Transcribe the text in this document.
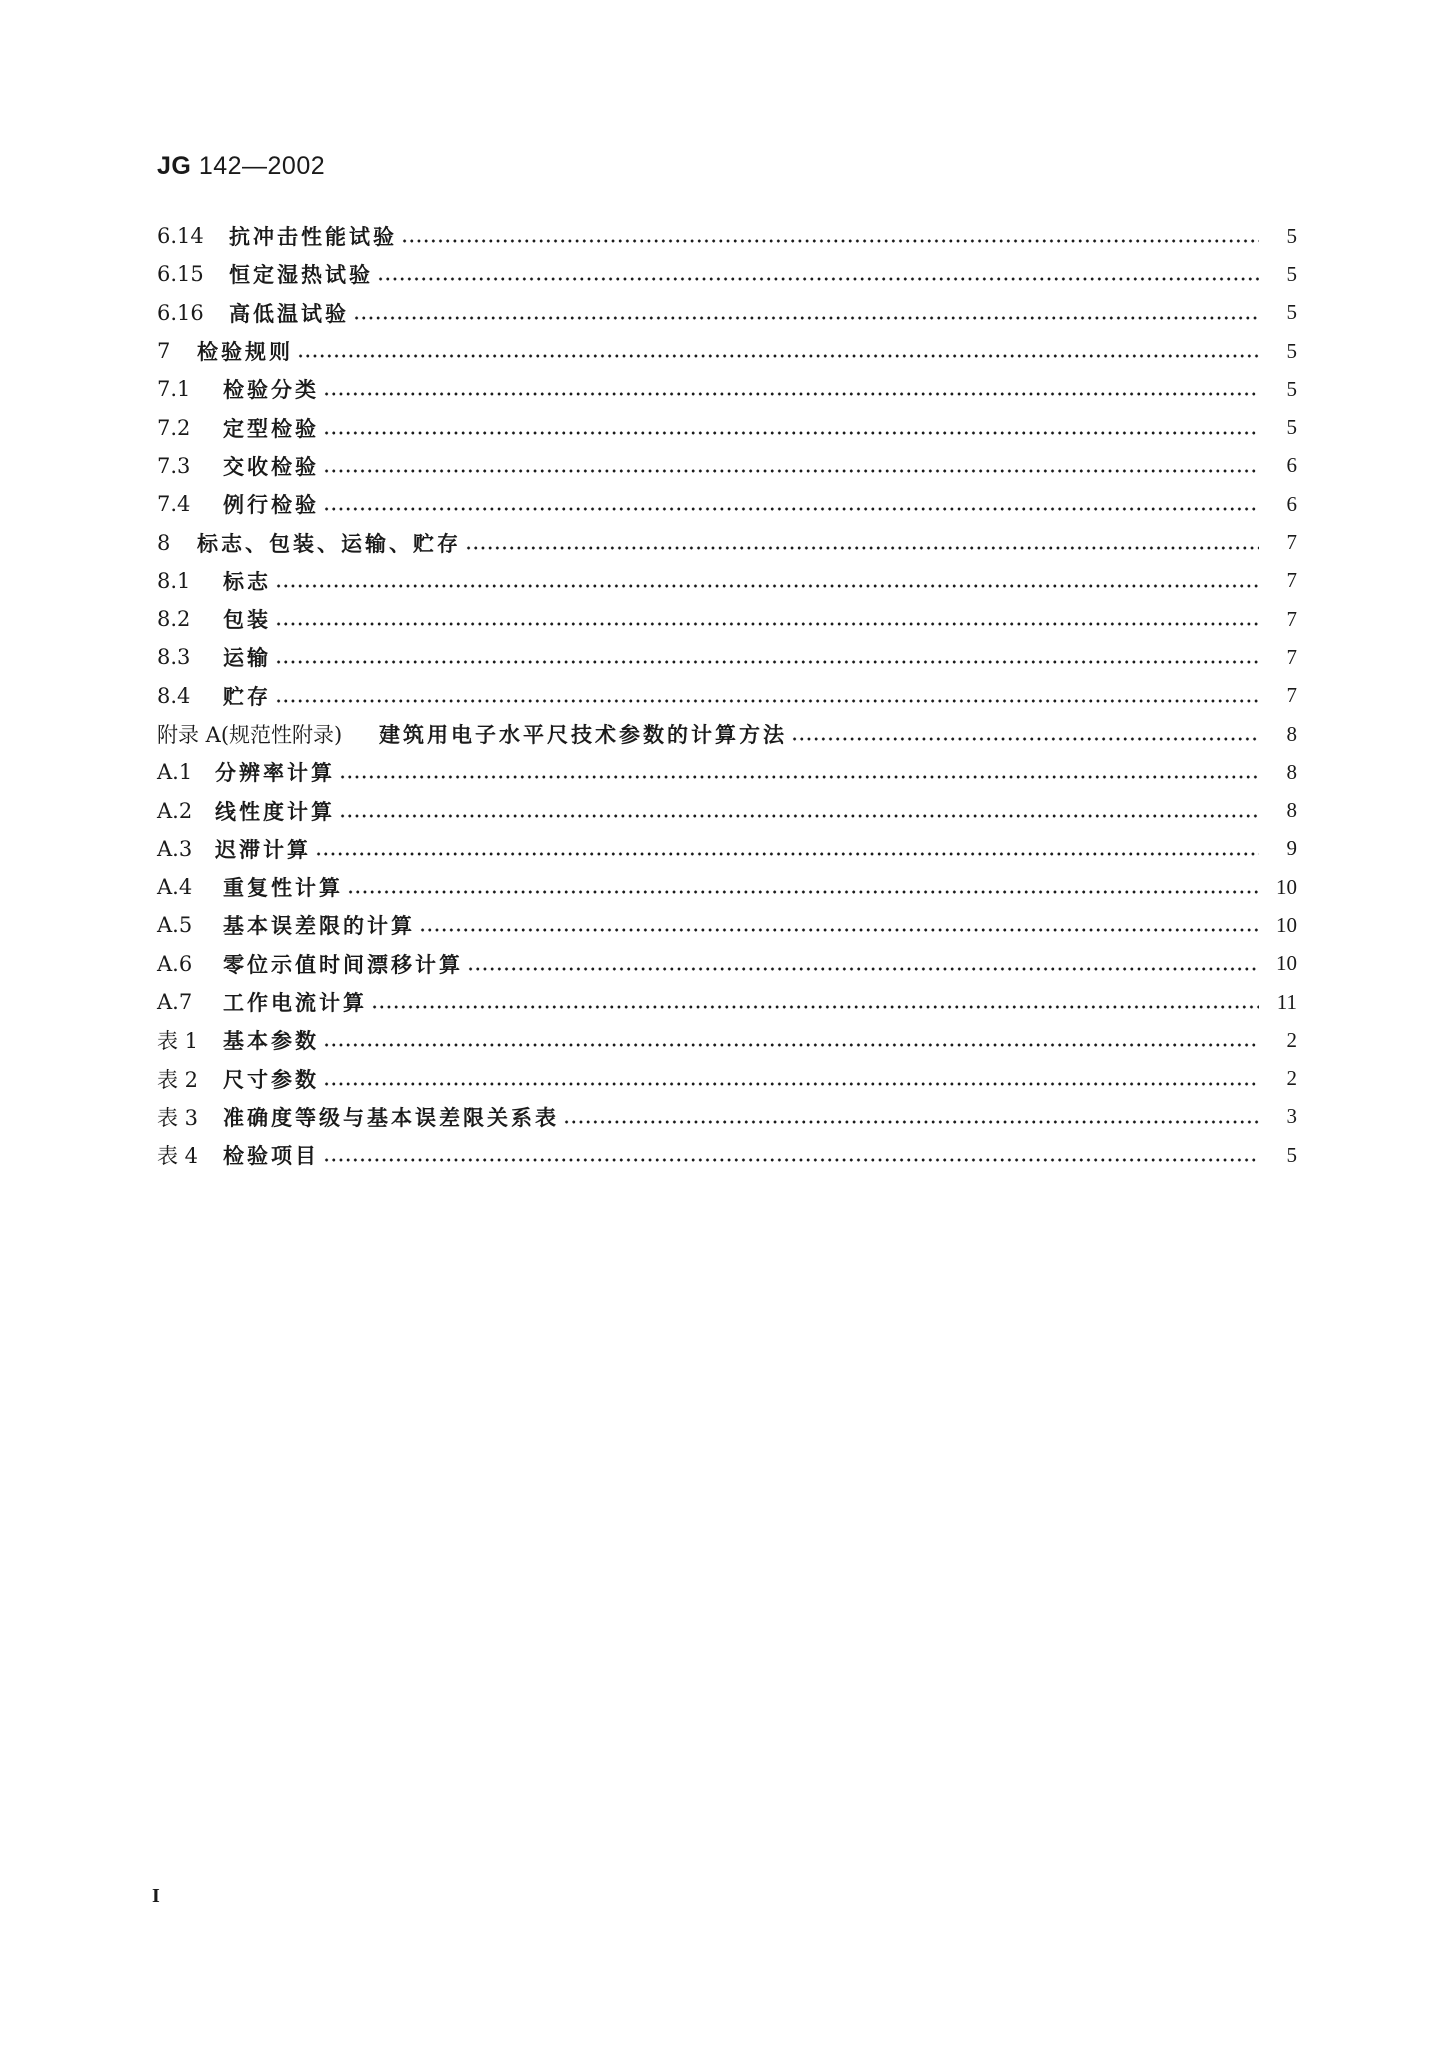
JG 142—2002
6.14	抗冲击性能试验	5
6.15	恒定湿热试验	5
6.16	高低温试验	5
7	检验规则	5
7.1	检验分类	5
7.2	定型检验	5
7.3	交收检验	6
7.4	例行检验	6
8	标志、包装、运输、贮存	7
8.1	标志	7
8.2	包装	7
8.3	运输	7
8.4	贮存	7
附录 A(规范性附录)	建筑用电子水平尺技术参数的计算方法	8
A.1	分辨率计算	8
A.2	线性度计算	8
A.3	迟滞计算	9
A.4	重复性计算	10
A.5	基本误差限的计算	10
A.6	零位示值时间漂移计算	10
A.7	工作电流计算	11
表 1	基本参数	2
表 2	尺寸参数	2
表 3	准确度等级与基本误差限关系表	3
表 4	检验项目	5
I
